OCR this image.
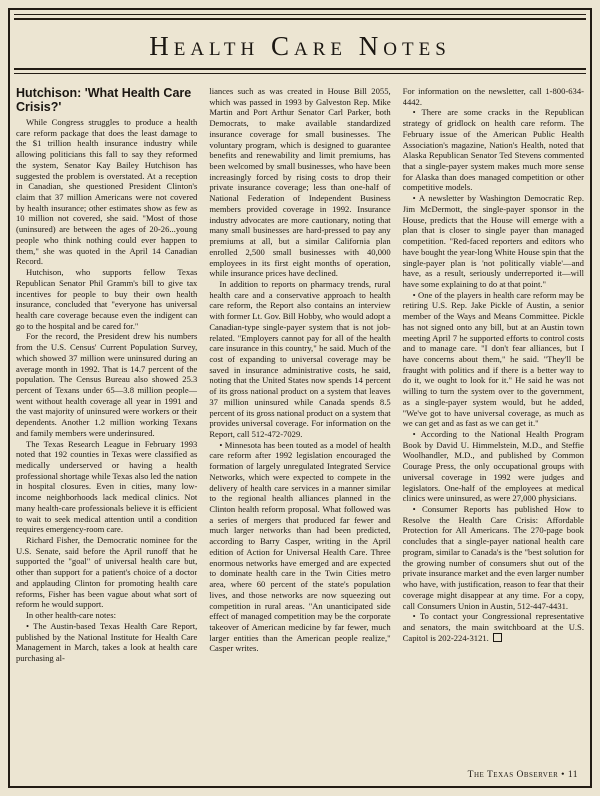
Health Care Notes
Hutchison: 'What Health Care Crisis?'

While Congress struggles to produce a health care reform package that does the least damage to the $1 trillion health insurance industry while allowing politicians this fall to say they reformed the system, Senator Kay Bailey Hutchison has suggested the problem is overstated. At a reception in Canadian, she questioned President Clinton's claim that 37 million Americans were not covered by health insurance; other estimates show as few as 10 million not covered, she said. "Most of those (uninsured) are between the ages of 20-26...young people who think nothing could ever happen to them," she was quoted in the April 14 Canadian Record.

Hutchison, who supports fellow Texas Republican Senator Phil Gramm's bill to give tax incentives for people to buy their own health insurance, concluded that "everyone has universal health care coverage because even the indigent can go to the hospital and be cared for."

For the record, the President drew his numbers from the U.S. Census' Current Population Survey, which showed 37 million were uninsured during an average month in 1992. That is 14.7 percent of the population. The Census Bureau also showed 25.3 percent of Texans under 65—3.8 million people—went without health coverage all year in 1991 and the vast majority of uninsured were workers or their dependents. Another 1.2 million working Texans and family members were underinsured.

The Texas Research League in February 1993 noted that 192 counties in Texas were classified as medically underserved or having a health professional shortage while Texas also led the nation in hospital closures. Even in cities, many low-income neighborhoods lack medical clinics. Not many health-care professionals believe it is efficient to wait to seek medical attention until a condition requires emergency-room care.

Richard Fisher, the Democratic nominee for the U.S. Senate, said before the April runoff that he supported the "goal" of universal health care but, other than support for a patient's choice of a doctor and applauding Clinton for promoting health care reforms, Fisher has been vague about what sort of reform he would support.

In other health-care notes:

• The Austin-based Texas Health Care Report, published by the National Institute for Health Care Management in March, takes a look at health care purchasing al-

liances such as was created in House Bill 2055, which was passed in 1993 by Galveston Rep. Mike Martin and Port Arthur Senator Carl Parker, both Democrats, to make available standardized insurance coverage for small businesses. The voluntary program, which is designed to guarantee benefits and renewability and limit premiums, has been welcomed by small businesses, who have been increasingly forced by rising costs to drop their private insurance coverage; less than one-half of National Federation of Independent Business members provided coverage in 1992. Insurance industry advocates are more cautionary, noting that many small businesses are hard-pressed to pay any premiums at all, but a similar California plan enrolled 2,500 small businesses with 40,000 employees in its first eight months of operation, while insurance prices have declined.

In addition to reports on pharmacy trends, rural health care and a conservative approach to health care reform, the Report also contains an interview with former Lt. Gov. Bill Hobby, who would adopt a Canadian-type single-payer system that is not job-related. "Employers cannot pay for all of the health care insurance in this country," he said. Much of the cost of expanding to universal coverage may be saved in insurance administrative costs, he said, noting that the United States now spends 14 percent of its gross national product on a system that leaves 37 million uninsured while Canada spends 8.5 percent of its gross national product on a system that provides universal coverage. For information on the Report, call 512-472-7029.

• Minnesota has been touted as a model of health care reform after 1992 legislation encouraged the formation of largely unregulated Integrated Service Networks, which were expected to compete in the delivery of health care services in a manner similar to the regional health alliances planned in the Clinton health reform proposal. What followed was a series of mergers that produced far fewer and much larger networks than had been predicted, according to Barry Casper, writing in the April edition of Action for Universal Health Care. Three enormous networks have emerged and are expected to dominate health care in the Twin Cities metro area, where 60 percent of the state's population lives, and those networks are now squeezing out competition in rural areas. "An unanticipated side effect of managed competition may be the corporate takeover of American medicine by far fewer, much larger entities than the American people realize," Casper writes.

For information on the newsletter, call 1-800-634-4442.

• There are some cracks in the Republican strategy of gridlock on health care reform. The February issue of the American Public Health Association's magazine, Nation's Health, noted that Alaska Republican Senator Ted Stevens commented that a single-payer system makes much more sense for Alaska than does managed competition or other competitive models.

• A newsletter by Washington Democratic Rep. Jim McDermott, the single-payer sponsor in the House, predicts that the House will emerge with a plan that is closer to single payer than managed competition. "Red-faced reporters and editors who have bought the year-long White House spin that the single-payer plan is 'not politically viable'—and have, as a result, seriously underreported it—will have some explaining to do at that point."

• One of the players in health care reform may be retiring U.S. Rep. Jake Pickle of Austin, a senior member of the Ways and Means Committee. Pickle has not signed onto any bill, but at an Austin town meeting April 7 he supported efforts to control costs and to manage care. "I don't fear alliances, but I have concerns about them," he said. "They'll be fraught with politics and if there is a better way to do it, we ought to look for it." He said he was not willing to turn the system over to the government, as a single-payer system would, but he added, "We've got to have universal coverage, as much as we can get and as fast as we can get it."

• According to the National Health Program Book by David U. Himmelstein, M.D., and Steffie Woolhandler, M.D., and published by Common Courage Press, the only occupational groups with universal coverage in 1992 were judges and legislators. One-half of the employees at medical clinics were uninsured, as were 27,000 physicians.

• Consumer Reports has published How to Resolve the Health Care Crisis: Affordable Protection for All Americans. The 270-page book concludes that a single-payer national health care program, similar to Canada's is the "best solution for the growing number of consumers shut out of the private insurance market and the even larger number who have, with justification, reason to fear that their coverage might disappear at any time. For a copy, call Consumers Union in Austin, 512-447-4431.

• To contact your Congressional representative and senators, the main switchboard at the U.S. Capitol is 202-224-3121.

The Texas Observer • 11
